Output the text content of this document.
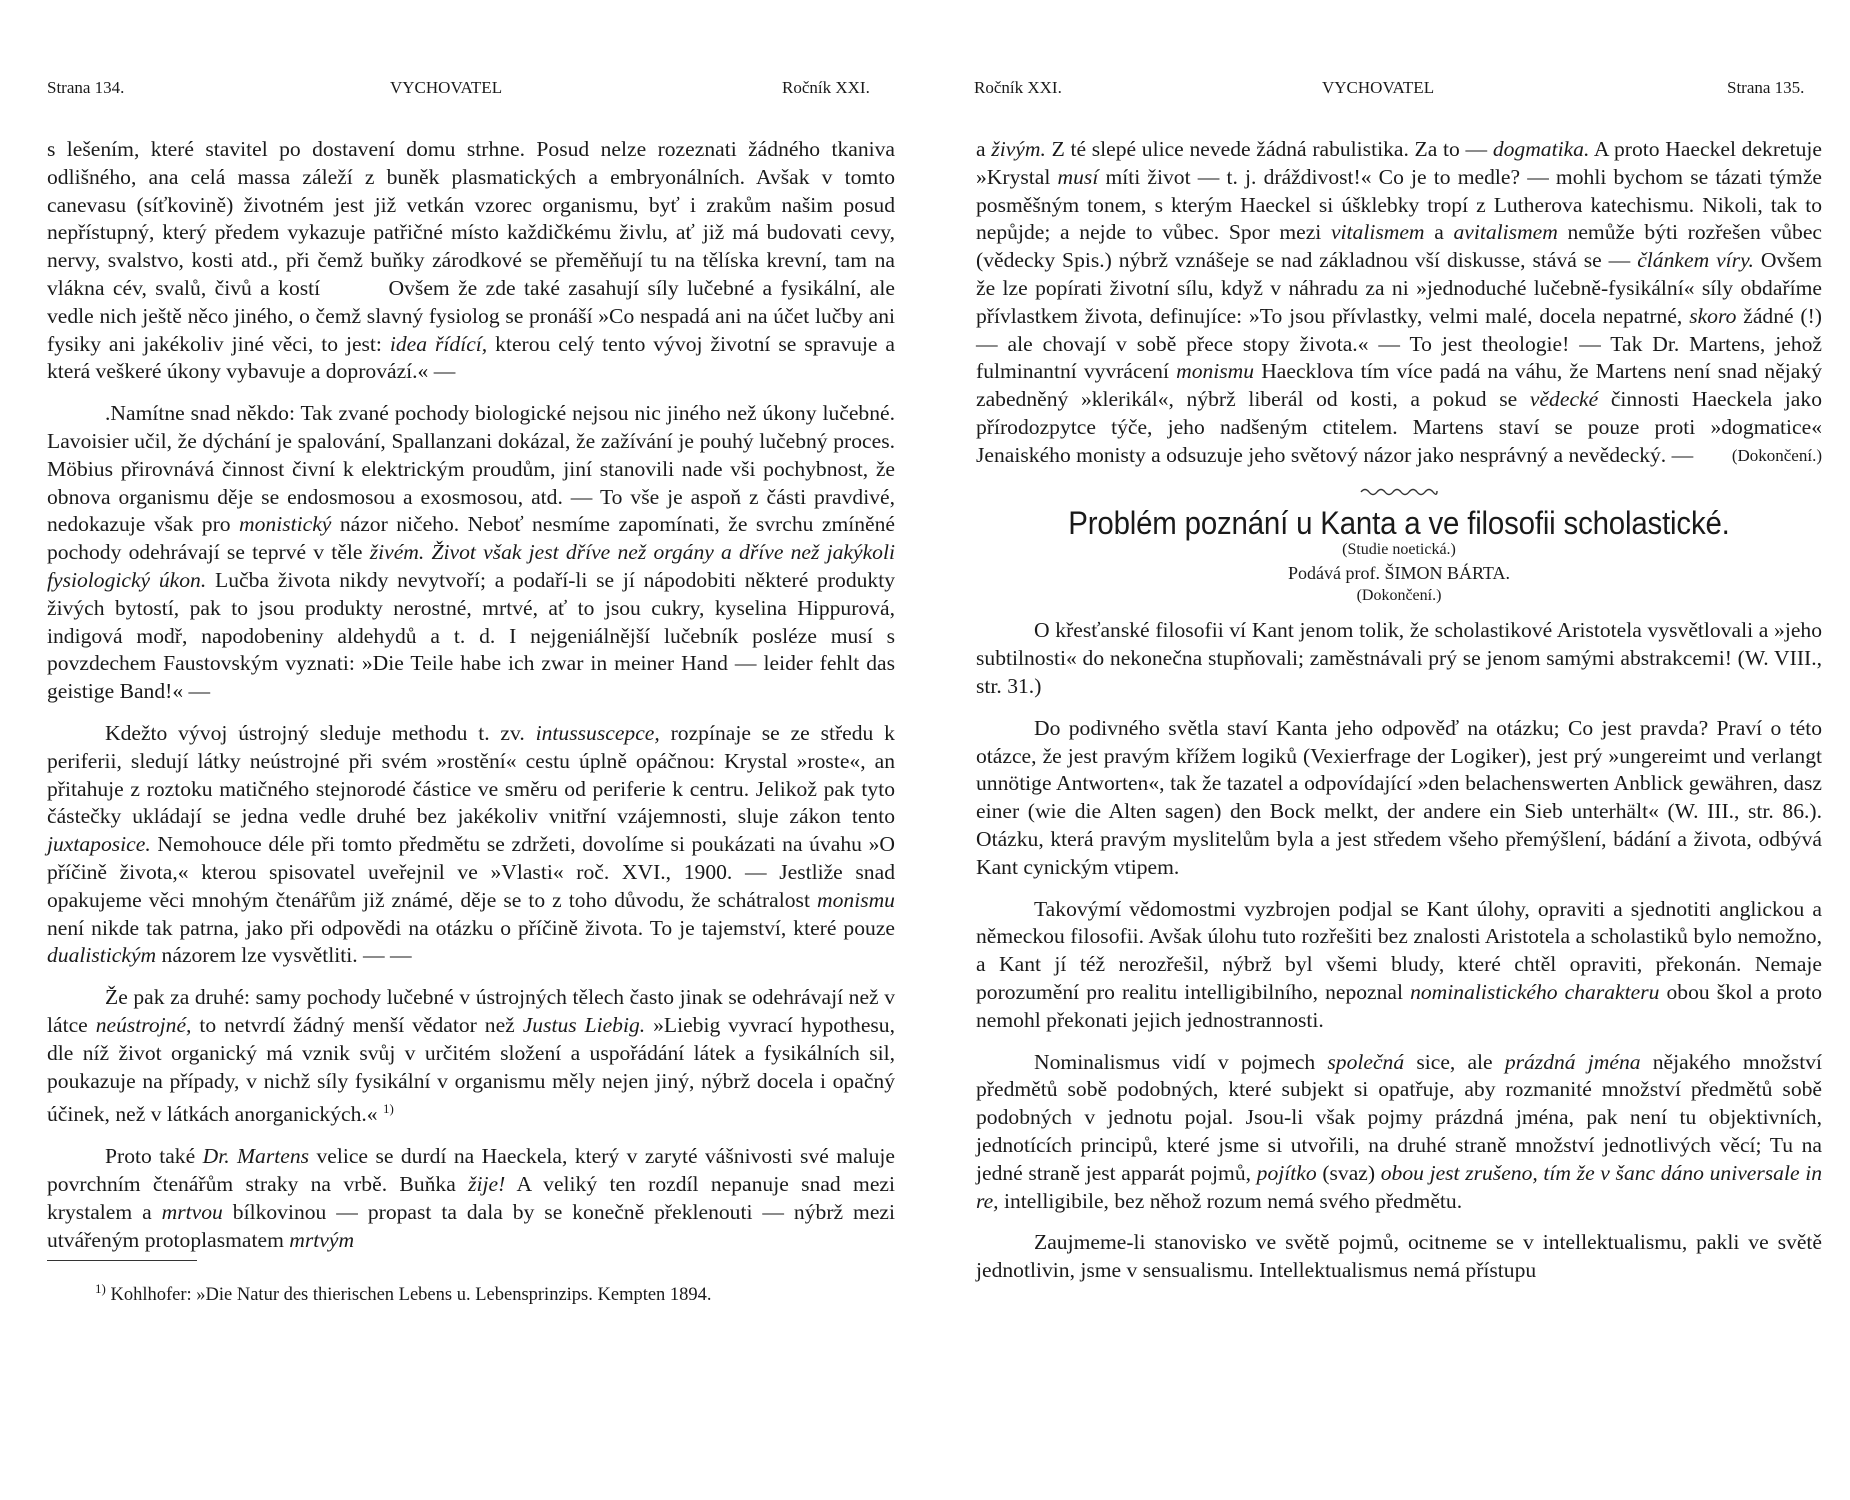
Strana 134.	VYCHOVATEL	Ročník XXI.

s lešením, které stavitel po dostavení domu strhne. Posud nelze rozeznati žádného tkaniva odlišného, ana celá massa záleží z buněk plasmatických a embryonálních. Avšak v tomto canevasu (síťkovině) životném jest již vetkán vzorec organismu, byť i zrakům našim posud nepřístupný, který předem vykazuje patřičné místo každičkému živlu, ať již má budovati cevy, nervy, svalstvo, kosti atd., při čemž buňky zárodkové se přeměňují tu na tělíska krevní, tam na vlákna cév, svalů, čivů a kostí	Ovšem že zde také zasahují síly lučebné a fysikální, ale vedle nich ještě něco jiného, o čemž slavný fysiolog se pronáší »Co nespadá ani na účet lučby ani fysiky ani jakékoliv jiné věci, to jest: idea řídící, kterou celý tento vývoj životní se spravuje a která veškeré úkony vybavuje a doprovází.« —

.Namítne snad někdo: Tak zvané pochody biologické nejsou nic jiného než úkony lučebné. Lavoisier učil, že dýchání je spalování, Spallanzani dokázal, že zažívání je pouhý lučebný proces. Möbius přirovnává činnost čivní k elektrickým proudům, jiní stanovili nade vši pochybnost, že obnova organismu děje se endosmosou a exosmosou, atd. — To vše je aspoň z části pravdivé, nedokazuje však pro monistický názor ničeho. Neboť nesmíme zapomínati, že svrchu zmíněné pochody odehrávají se teprvé v těle živém. Život však jest dříve než orgány a dříve než jakýkoli fysiologický úkon. Lučba života nikdy nevytvoří; a podaří-li se jí nápodobiti některé produkty živých bytostí, pak to jsou produkty nerostné, mrtvé, ať to jsou cukry, kyselina Hippurová, indigová modř, napodobeniny aldehydů a t. d. I nejgeniálnější lučebník posléze musí s povzdechem Faustovským vyznati: »Die Teile habe ich zwar in meiner Hand — leider fehlt das geistige Band!« —

Kdežto vývoj ústrojný sleduje methodu t. zv. intussuscepce, rozpínaje se ze středu k periferii, sledují látky neústrojné při svém »rostění« cestu úplně opáčnou: Krystal »roste«, an přitahuje z roztoku matičného stejnorodé částice ve směru od periferie k centru. Jelikož pak tyto částečky ukládají se jedna vedle druhé bez jakékoliv vnitřní vzájemnosti, sluje zákon tento juxtaposice. Nemohouce déle při tomto předmětu se zdržeti, dovolíme si poukázati na úvahu »O příčině života,« kterou spisovatel uveřejnil ve »Vlasti« roč. XVI., 1900. — Jestliže snad opakujeme věci mnohým čtenářům již známé, děje se to z toho důvodu, že schátralost monismu není nikde tak patrna, jako při odpovědi na otázku o příčině života. To je tajemství, které pouze dualistickým názorem lze vysvětliti. — —

Že pak za druhé: samy pochody lučebné v ústrojných tělech často jinak se odehrávají než v látce neústrojné, to netvrdí žádný menší vědator než Justus Liebig. »Liebig vyvrací hypothesu, dle níž život organický má vznik svůj v určitém složení a uspořádání látek a fysikálních sil, poukazuje na případy, v nichž síly fysikální v organismu měly nejen jiný, nýbrž docela i opačný účinek, než v látkách anorganických.« $^{1)}$

Proto také Dr. Martens velice se durdí na Haeckela, který v zaryté vášnivosti své maluje povrchním čtenářům straky na vrbě. Buňka žije! A veliký ten rozdíl nepanuje snad mezi krystalem a mrtvou bílkovinou — propast ta dala by se konečně překlenouti — nýbrž mezi utvářeným protoplasmatem mrtvým

$^{1)}$ Kohlhofer: »Die Natur des thierischen Lebens u. Lebensprinzips. Kempten 1894.

Ročník XXI.	VYCHOVATEL	Strana 135.

a živým. Z té slepé ulice nevede žádná rabulistika. Za to — dogmatika. A proto Haeckel dekretuje »Krystal musí míti život — t. j. dráždivost!« Co je to medle? — mohli bychom se tázati týmže posměšným tonem, s kterým Haeckel si úšklebky tropí z Lutherova katechismu. Nikoli, tak to nepůjde; a nejde to vůbec. Spor mezi vitalismem a avitalismem nemůže býti rozřešen vůbec (vědecky Spis.) nýbrž vznášeje se nad základnou vší diskusse, stává se — článkem víry. Ovšem že lze popírati životní sílu, když v náhradu za ni »jednoduché lučebně-fysikální« síly obdaříme přívlastkem života, definujíce: »To jsou přívlastky, velmi malé, docela nepatrné, skoro žádné (!) — ale chovají v sobě přece stopy života.« — To jest theologie! — Tak Dr. Martens, jehož fulminantní vyvrácení monismu Haecklova tím více padá na váhu, že Martens není snad nějaký zabedněný »klerikál«, nýbrž liberál od kosti, a pokud se vědecké činnosti Haeckela jako přírodozpytce týče, jeho nadšeným ctitelem. Martens staví se pouze proti »dogmatice« Jenaiského monisty a odsuzuje jeho světový názor jako nesprávný a nevědecký. — (Dokončení.)

Problém poznání u Kanta a ve filosofii scholastické.
(Studie noetická.)
Podává prof. ŠIMON BÁRTA.
(Dokončení.)

O křesťanské filosofii ví Kant jenom tolik, že scholastikové Aristotela vysvětlovali a »jeho subtilnosti« do nekonečna stupňovali; zaměstnávali prý se jenom samými abstrakcemi! (W. VIII., str. 31.)

Do podivného světla staví Kanta jeho odpověď na otázku; Co jest pravda? Praví o této otázce, že jest pravým křížem logiků (Vexierfrage der Logiker), jest prý »ungereimt und verlangt unnötige Antworten«, tak že tazatel a odpovídající »den belachenswerten Anblick gewähren, dasz einer (wie die Alten sagen) den Bock melkt, der andere ein Sieb unterhält« (W. III., str. 86.). Otázku, která pravým myslitelům byla a jest středem všeho přemýšlení, bádání a života, odbývá Kant cynickým vtipem.

Takovýmí vědomostmi vyzbrojen podjal se Kant úlohy, opraviti a sjednotiti anglickou a německou filosofii. Avšak úlohu tuto rozřešiti bez znalosti Aristotela a scholastiků bylo nemožno, a Kant jí též nerozřešil, nýbrž byl všemi bludy, které chtěl opraviti, překonán. Nemaje porozumění pro realitu intelligibilního, nepoznal nominalistického charakteru obou škol a proto nemohl překonati jejich jednostrannosti.

Nominalismus vidí v pojmech společná sice, ale prázdná jména nějakého množství předmětů sobě podobných, které subjekt si opatřuje, aby rozmanité množství předmětů sobě podobných v jednotu pojal. Jsou-li však pojmy prázdná jména, pak není tu objektivních, jednotících principů, které jsme si utvořili, na druhé straně množství jednotlivých věcí; Tu na jedné straně jest apparát pojmů, pojítko (svaz) obou jest zrušeno, tím že v šanc dáno universale in re, intelligibile, bez něhož rozum nemá svého předmětu.

Zaujmeme-li stanovisko ve světě pojmů, ocitneme se v intellektualismu, pakli ve světě jednotlivin, jsme v sensualismu. Intellektualismus nemá přístupu
